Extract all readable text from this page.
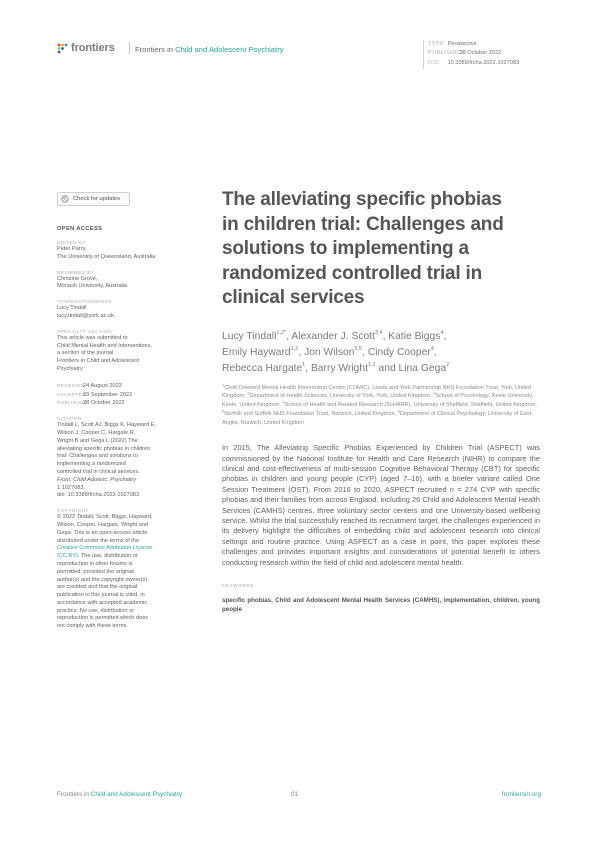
frontiers	Frontiers in Child and Adolescent Psychiatry
TYPE Perspective
PUBLISHED 28 October 2022
DOI 10.3389/frcha.2022.1027083
Check for updates
OPEN ACCESS
EDITED BY
Peter Parry,
The University of Queensland, Australia
REVIEWED BY
Christine Grové,
Monash University, Australia
*CORRESPONDENCE
Lucy Tindall
lucy.tindall@york.ac.uk
SPECIALTY SECTION
This article was submitted to
Child Mental Health and Interventions,
a section of the journal
Frontiers in Child and Adolescent
Psychiatry
RECEIVED24 August 2022
ACCEPTED29 September 2022
PUBLISHED28 October 2022
CITATION
Tindall L, Scott AJ, Biggs K, Hayward E,
Wilson J, Cooper C, Hargate R,
Wright B and Gega L (2022) The
alleviating specific phobias in children
trial: Challenges and solutions to
implementing a randomized
controlled trial in clinical services.
Front. Child Adolesc. Psychiatry
1:1027083.
doi: 10.3389/frcha.2022.1027083
COPYRIGHT
© 2022 Tindall, Scott, Biggs, Hayward,
Wilson, Cooper, Hargate, Wright and
Gega. This is an open-access article
distributed under the terms of the
Creative Commons Attribution License
(CC BY). The use, distribution or
reproduction in other forums is
permitted, provided the original
author(s) and the copyright owner(s)
are credited and that the original
publication in this journal is cited, in
accordance with accepted academic
practice. No use, distribution or
reproduction is permitted which does
not comply with these terms.
The alleviating specific phobias
in children trial: Challenges and
solutions to implementing a
randomized controlled trial in
clinical services
Lucy Tindall$^{1,2*}$, Alexander J. Scott$^{3,4}$, Katie Biggs$^4$,
Emily Hayward$^{1,2}$, Jon Wilson$^{5,6}$, Cindy Cooper$^4$,
Rebecca Hargate$^1$, Barry Wright$^{1,2}$ and Lina Gega$^2$
$^1$Child Oriented Mental Health Intervention Centre (COMIC), Leeds and York Partnership NHS Foundation Trust, York, United Kingdom, $^2$Department of Health Sciences, University of York, York, United Kingdom, $^3$School of Psychology, Keele University, Keele, United Kingdom, $^4$School of Health and Related Research (ScHARR), University of Sheffield, Sheffield, United Kingdom, $^5$Norfolk and Suffolk NHS Foundation Trust, Norwich, United Kingdom, $^6$Department of Clinical Psychology, University of East Anglia, Norwich, United Kingdom

In 2015, The Alleviating Specific Phobias Experienced by Children Trial (ASPECT) was commissioned by the National Institute for Health and Care Research (NIHR) to compare the clinical and cost-effectiveness of multi-session Cognitive Behavioral Therapy (CBT) for specific phobias in children and young people (CYP) (aged 7–16), with a briefer variant called One Session Treatment (OST). From 2016 to 2020, ASPECT recruited n = 274 CYP with specific phobias and their families from across England, including 26 Child and Adolescent Mental Health Services (CAMHS) centres, three voluntary sector centers and one University-based wellbeing service. Whilst the trial successfully reached its recruitment target, the challenges experienced in its delivery highlight the difficulties of embedding child and adolescent research into clinical settings and routine practice. Using ASPECT as a case in point, this paper explores these challenges and provides important insights and considerations of potential benefit to others conducting research within the field of child and adolescent mental health.

KEYWORDS
specific phobias, Child and Adolescent Mental Health Services (CAMHS), implementation, children, young people
Frontiers in Child and Adolescent Psychiatry	01	frontiersin.org
